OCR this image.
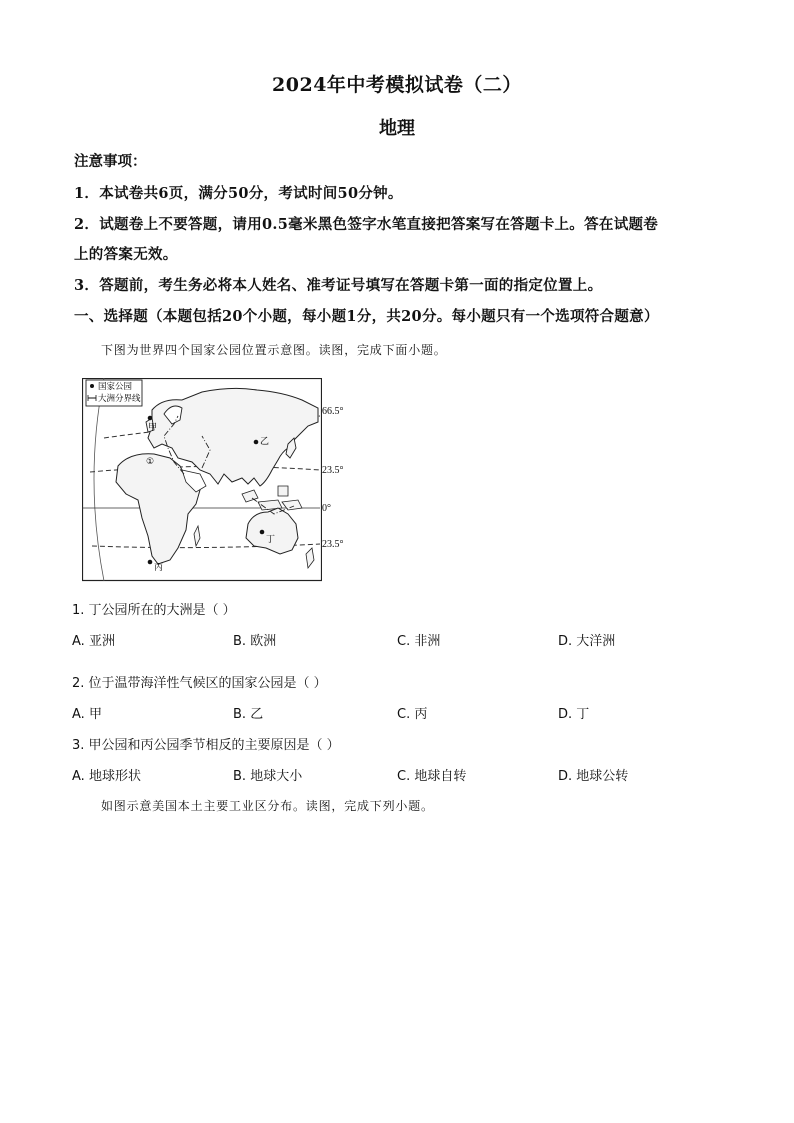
2024年中考模拟试卷（二）
地理
注意事项：
1．本试卷共6页，满分50分，考试时间50分钟。
2．试题卷上不要答题，请用0.5毫米黑色签字水笔直接把答案写在答题卡上。答在试题卷
上的答案无效。
3．答题前，考生务必将本人姓名、准考证号填写在答题卡第一面的指定位置上。
一、选择题（本题包括20个小题，每小题1分，共20分。每小题只有一个选项符合题意）
下图为世界四个国家公园位置示意图。读图，完成下面小题。
国家公园
大洲分界线
甲
乙
丙
丁
①
66.5°
23.5°
0°
23.5°
1. 丁公园所在的大洲是（ ）
A. 亚洲	B. 欧洲	C. 非洲	D. 大洋洲
2. 位于温带海洋性气候区的国家公园是（ ）
A. 甲	B. 乙	C. 丙	D. 丁
3. 甲公园和丙公园季节相反的主要原因是（ ）
A. 地球形状	B. 地球大小	C. 地球自转	D. 地球公转
如图示意美国本土主要工业区分布。读图，完成下列小题。
